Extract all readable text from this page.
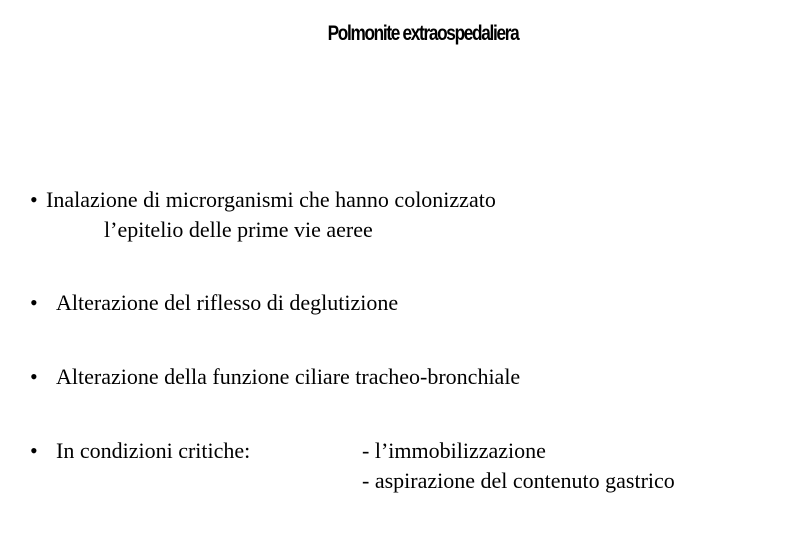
Polmonite extraospedaliera
• Inalazione di microrganismi che hanno colonizzato
l’epitelio delle prime vie aeree
• Alterazione del riflesso di deglutizione
• Alterazione della funzione ciliare tracheo-bronchiale
• In condizioni critiche:	- l’immobilizzazione
- aspirazione del contenuto gastrico
